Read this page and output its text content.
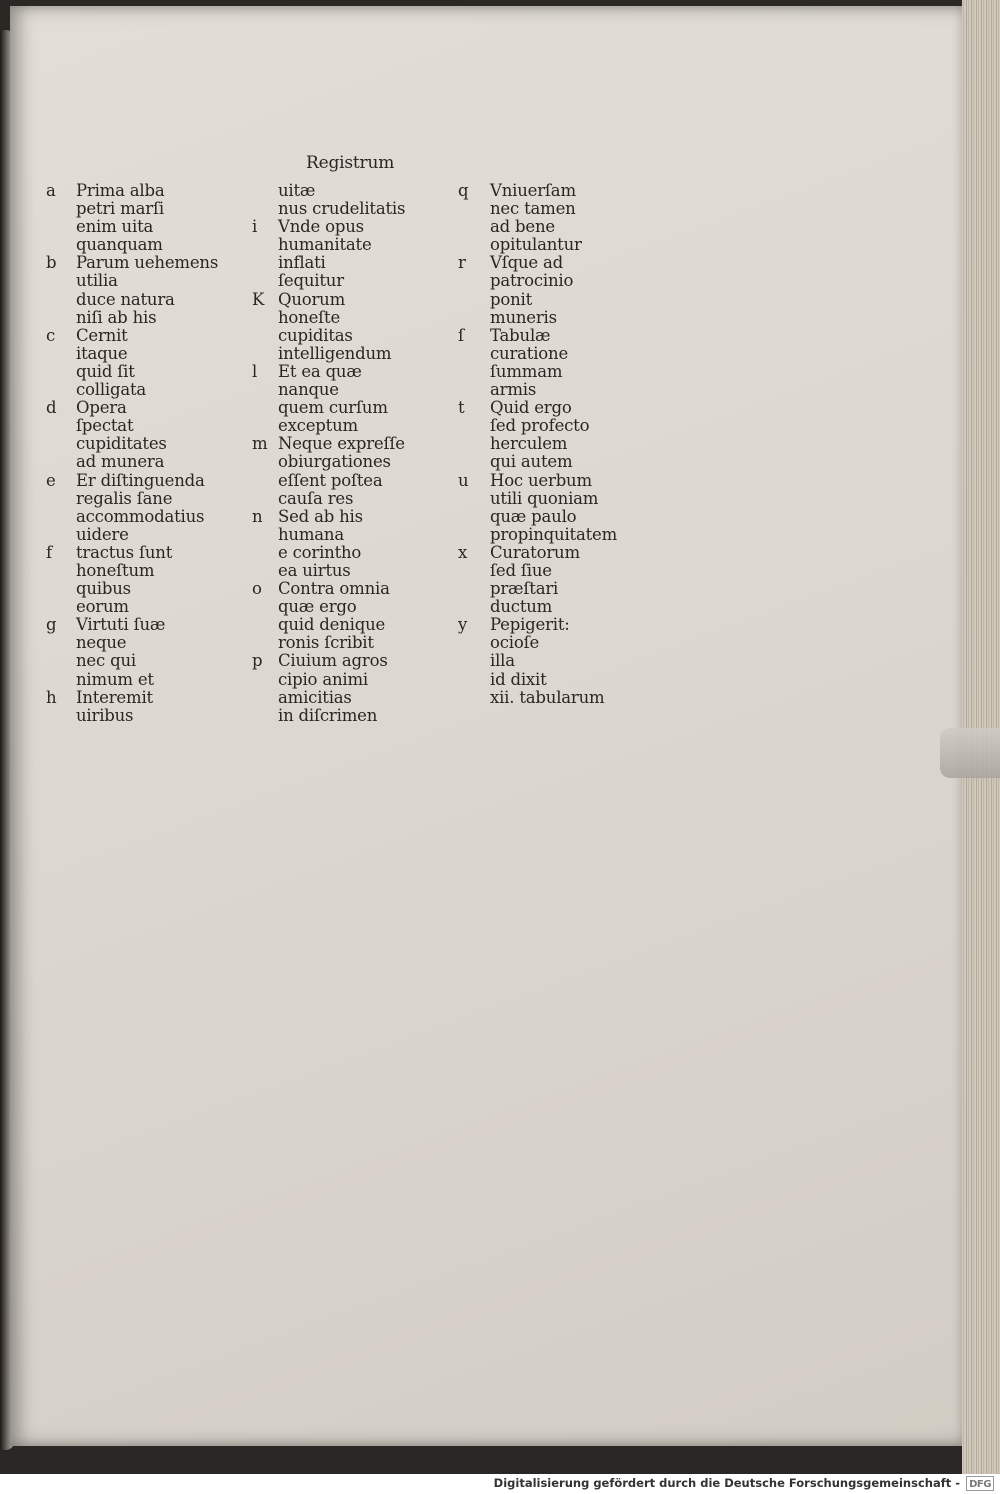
Registrum
a	Prima alba
petri marſi
enim uita
quanquam
b	Parum uehemens
utilia
duce natura
niſi ab his
c	Cernit
itaque
quid ſit
colligata
d	Opera
ſpectat
cupiditates
ad munera
e	Er diſtinguenda
regalis ſane
accommodatius
uidere
f	tractus ſunt
honeſtum
quibus
eorum
g	Virtuti ſuæ
neque
nec qui
nimum et
h	Interemit
uiribus
uitæ
nus crudelitatis
i	Vnde opus
humanitate
inflati
ſequitur
K Quorum
honeſte
cupiditas
intelligendum
l	Et ea quæ
nanque
quem curſum
exceptum
m Neque expreſſe
obiurgationes
eſſent poſtea
cauſa res
n Sed ab his
humana
e corintho
ea uirtus
o Contra omnia
quæ ergo
quid denique
ronis ſcribit
p Ciuium agros
cipio animi
amicitias
in diſcrimen
q	Vniuerſam
nec tamen
ad bene
opitulantur
r	Vſque ad
patrocinio
ponit
muneris
ſ	Tabulæ
curatione
ſummam
armis
t	Quid ergo
ſed profecto
herculem
qui autem
u	Hoc uerbum
utili quoniam
quæ paulo
propinquitatem
x	Curatorum
ſed ſiue
præſtari
ductum
y	Pepigerit:
ocioſe
illa
id dixit
xii. tabularum
Digitalisierung gefördert durch die Deutsche Forschungsgemeinschaft - DFG
